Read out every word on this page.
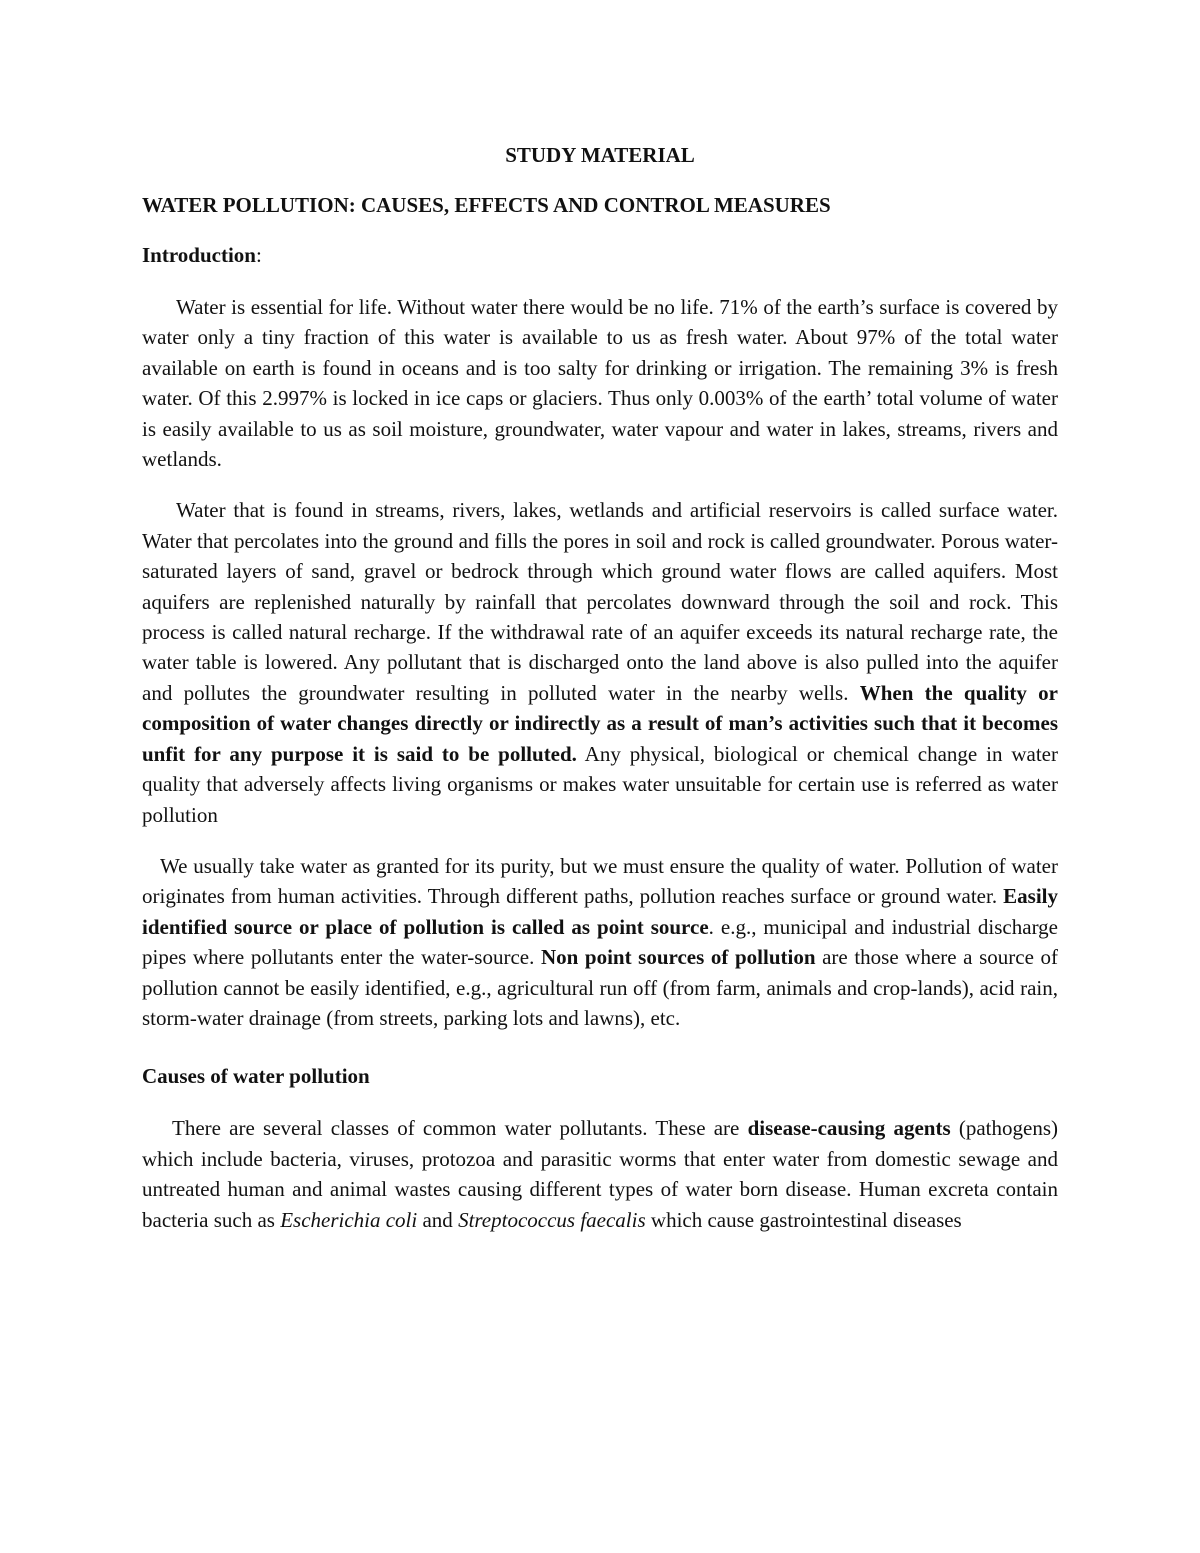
STUDY MATERIAL
WATER POLLUTION: CAUSES, EFFECTS AND CONTROL MEASURES
Introduction:

Water is essential for life. Without water there would be no life. 71% of the earth’s surface is covered by water only a tiny fraction of this water is available to us as fresh water. About 97% of the total water available on earth is found in oceans and is too salty for drinking or irrigation. The remaining 3% is fresh water. Of this 2.997% is locked in ice caps or glaciers. Thus only 0.003% of the earth’ total volume of water is easily available to us as soil moisture, groundwater, water vapour and water in lakes, streams, rivers and wetlands.

Water that is found in streams, rivers, lakes, wetlands and artificial reservoirs is called surface water. Water that percolates into the ground and fills the pores in soil and rock is called groundwater. Porous water-saturated layers of sand, gravel or bedrock through which ground water flows are called aquifers. Most aquifers are replenished naturally by rainfall that percolates downward through the soil and rock. This process is called natural recharge. If the withdrawal rate of an aquifer exceeds its natural recharge rate, the water table is lowered. Any pollutant that is discharged onto the land above is also pulled into the aquifer and pollutes the groundwater resulting in polluted water in the nearby wells. When the quality or composition of water changes directly or indirectly as a result of man’s activities such that it becomes unfit for any purpose it is said to be polluted. Any physical, biological or chemical change in water quality that adversely affects living organisms or makes water unsuitable for certain use is referred as water pollution

We usually take water as granted for its purity, but we must ensure the quality of water. Pollution of water originates from human activities. Through different paths, pollution reaches surface or ground water. Easily identified source or place of pollution is called as point source. e.g., municipal and industrial discharge pipes where pollutants enter the water-source. Non point sources of pollution are those where a source of pollution cannot be easily identified, e.g., agricultural run off (from farm, animals and crop-lands), acid rain, storm-water drainage (from streets, parking lots and lawns), etc.

Causes of water pollution

There are several classes of common water pollutants. These are disease-causing agents (pathogens) which include bacteria, viruses, protozoa and parasitic worms that enter water from domestic sewage and untreated human and animal wastes causing different types of water born disease. Human excreta contain bacteria such as Escherichia coli and Streptococcus faecalis which cause gastrointestinal diseases
